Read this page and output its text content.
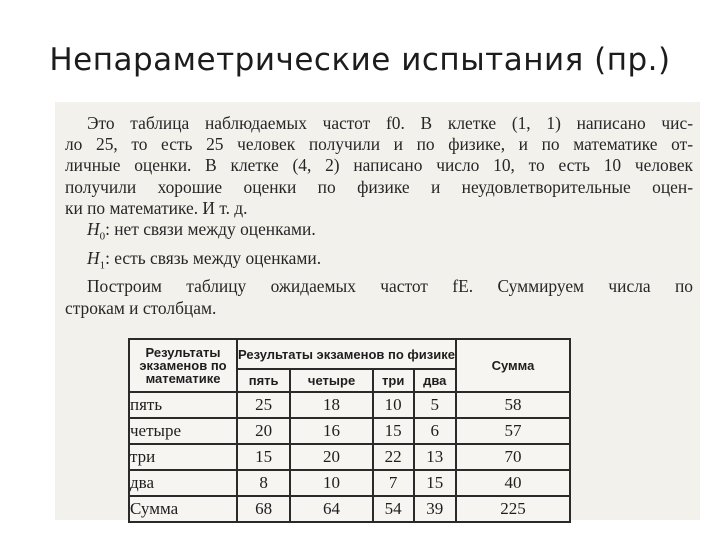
Непараметрические испытания (пр.)

Это таблица наблюдаемых частот f0. В клетке (1, 1) написано чис-

ло 25, то есть 25 человек получили и по физике, и по математике от-

личные оценки. В клетке (4, 2) написано число 10, то есть 10 человек

получили хорошие оценки по физике и неудовлетворительные оцен-

ки по математике. И т. д.

$H_0$: нет связи между оценками.

$H_1$: есть связь между оценками.

Построим таблицу ожидаемых частот fE. Суммируем числа по

строкам и столбцам.

Результаты экзаменов по математике	Результаты экзаменов по физике				Сумма
	пять	четыре	три	два	
пять	25	18	10	5	58
четыре	20	16	15	6	57
три	15	20	22	13	70
два	8	10	7	15	40
Сумма	68	64	54	39	225
